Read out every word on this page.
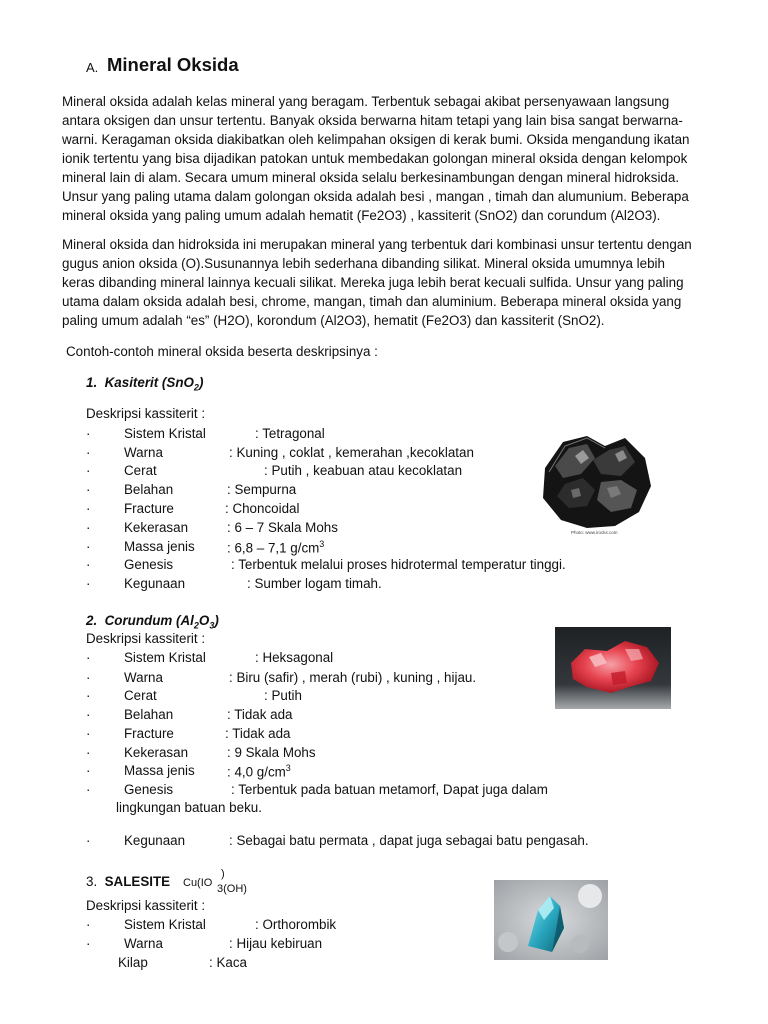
A. Mineral Oksida
Mineral oksida adalah kelas mineral yang beragam. Terbentuk sebagai akibat persenyawaan langsung
antara oksigen dan unsur tertentu. Banyak oksida berwarna hitam tetapi yang lain bisa sangat berwarna-
warni. Keragaman oksida diakibatkan oleh kelimpahan oksigen di kerak bumi. Oksida mengandung ikatan
ionik tertentu yang bisa dijadikan patokan untuk membedakan golongan mineral oksida dengan kelompok
mineral lain di alam. Secara umum mineral oksida selalu berkesinambungan dengan mineral hidroksida.
Unsur yang paling utama dalam golongan oksida adalah besi , mangan , timah dan alumunium. Beberapa
mineral oksida yang paling umum adalah hematit (Fe2O3) , kassiterit (SnO2) dan corundum (Al2O3).
Mineral oksida dan hidroksida ini merupakan mineral yang terbentuk dari kombinasi unsur tertentu dengan
gugus anion oksida (O).Susunannya lebih sederhana dibanding silikat. Mineral oksida umumnya lebih
keras dibanding mineral lainnya kecuali silikat. Mereka juga lebih berat kecuali sulfida. Unsur yang paling
utama dalam oksida adalah besi, chrome, mangan, timah dan aluminium. Beberapa mineral oksida yang
paling umum adalah “es” (H2O), korondum (Al2O3), hematit (Fe2O3) dan kassiterit (SnO2).
Contoh-contoh mineral oksida beserta deskripsinya :
1. Kasiterit (SnO$_2$)
Deskripsi kassiterit :
·	Sistem Kristal	: Tetragonal
·	Warna	: Kuning , coklat , kemerahan ,kecoklatan
·	Cerat	: Putih , keabuan atau kecoklatan
·	Belahan	: Sempurna
·	Fracture	: Choncoidal
·	Kekerasan	: 6 – 7 Skala Mohs
·	Massa jenis : 6,8 – 7,1 $g/cm^3$
·	Genesis	: Terbentuk melalui proses hidrotermal temperatur tinggi.
·	Kegunaan	: Sumber logam timah.
Photo: www.irocks.com
2. Corundum $(Al_2O_3)$
Deskripsi kassiterit :
·	Sistem Kristal	: Heksagonal
·	Warna	: Biru (safir) , merah (rubi) , kuning , hijau.
·	Cerat	: Putih
·	Belahan	: Tidak ada
·	Fracture	: Tidak ada
·	Kekerasan	: 9 Skala Mohs
·	Massa jenis : 4,0 $g/cm^3$
·	Genesis	: Terbentuk pada batuan metamorf, Dapat juga dalam
lingkungan batuan beku.
·	Kegunaan	: Sebagai batu permata , dapat juga sebagai batu pengasah.
3. SALESITE Cu(IO
)
3(OH)
Deskripsi kassiterit :
·	Sistem Kristal	: Orthorombik
·	Warna	: Hijau kebiruan
Kilap	: Kaca
